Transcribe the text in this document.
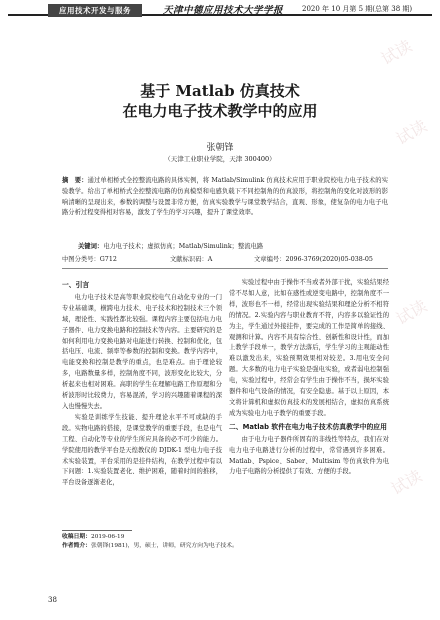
应用技术开发与服务	天津中德应用技术大学学报	2020 年 10 月第 5 期(总第 38 期)
基于 Matlab 仿真技术
在电力电子技术教学中的应用
张朝锋
（天津工业职业学院，天津 300400）
摘　要：通过单相桥式全控整流电路的具体实例，将 Matlab/Simulink 仿真技术应用于职业院校电力电子技术的实验教学。给出了单相桥式全控整流电路的仿真模型和电感负载下不同控制角的仿真波形，将控制角的变化对波形的影响清晰的呈现出来，参数的调整与设置非常方便，仿真实验教学与课堂教学结合，直观、形象，使复杂的电力电子电路分析过程变得相对容易，激发了学生的学习兴趣，提升了课堂效率。
关键词：电力电子技术；虚拟仿真；Matlab/Simulink；整流电路
中图分类号：G712	文献标识码：A	文章编号：2096-3769(2020)05-038-05
一、引言

电力电子技术是高等职业院校电气自动化专业的一门专业基础课，横跨电力技术、电子技术和控制技术三个领域，理论性、实践性都比较强。课程内容主要包括电力电子器件、电力变换电路和控制技术等内容。主要研究的是如何利用电力变换电路对电能进行转换、控制和优化，包括电压、电流、频率等参数的控制和变换。教学内容中，电能变换和控制是教学的重点，也是难点。由于理论较多，电路数量多样，控制角度不同，波形变化比较大，分析起来也相对困难。高职的学生在理解电路工作原理和分析波形时比较费力，容易混淆，学习的兴趣随着课程的深入也慢慢失去。

实验是训练学生技能、提升理论水平不可或缺的手段。实物电路的搭接，是课堂教学的重要手段，也是电气工程、自动化等专业的学生所应具备的必不可少的能力。学院使用的教学平台是天煌教仪的 DJDK-1 型电力电子技术实验装置，平台采用的是挂件结构，在教学过程中有以下问题：1.实验装置老化、维护困难，随着时间的推移，平台设备逐渐老化，

实验过程中由于操作不当或者外部干扰，实验结果经常不尽如人意，比如在感性或逆变电路中，控制角度不一样，波形也不一样，经常出现实验结果和理论分析不相符的情况。2.实验内容与职业教育不符，内容多以验证性的为主，学生通过外接挂件，要完成的工作是简单的接线、观测和计算。内容不具有综合性、创新性和设计性，而加上教学手段单一，教学方法落后，学生学习的主观能动性难以激发出来，实验预期效果相对较差。3.用电安全问题。大多数的电力电子实验是强电实验，或者弱电控制强电，实验过程中，经常会有学生由于操作不当，损坏实验器件和电气设备的情况，有安全隐患。基于以上原因，本文将计算机和虚拟仿真技术的发展相结合，虚拟仿真系统成为实验电力电子教学的重要手段。

二、Matlab 软件在电力电子技术仿真教学中的应用

由于电力电子器件所固有的非线性等特点，我们在对电力电子电路进行分析的过程中，常常遇到许多困难。Matlab、Pspice、Saber、Multisim 等仿真软件为电力电子电路的分析提供了有效、方便的手段。

收稿日期：2019-06-19
作者简介：张朝锋(1981)，男，硕士，讲师，研究方向为电子技术。
38
试读
试读
试读
试读
